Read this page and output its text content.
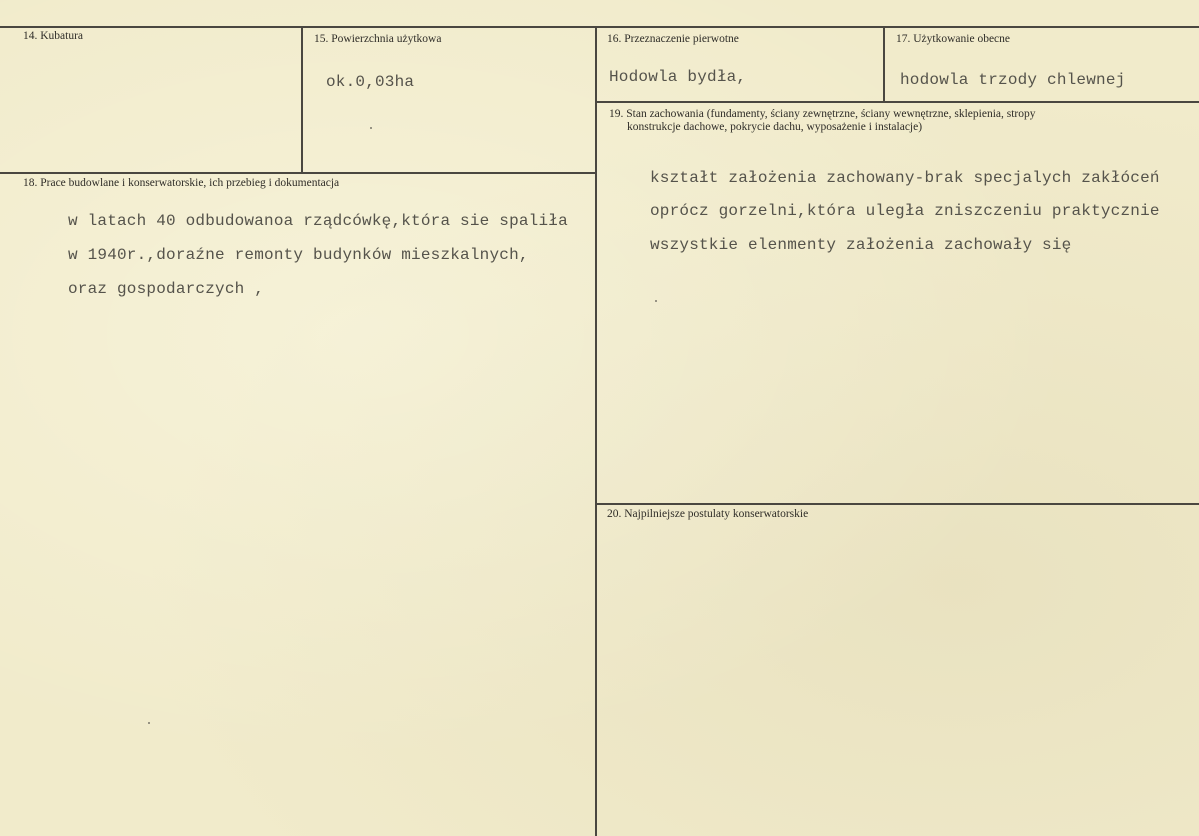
14. Kubatura	15. Powierzchnia użytkowa
ok.0,03ha
16. Przeznaczenie pierwotne
Hodowla bydła,
17. Użytkowanie obecne
hodowla trzody chlewnej
19. Stan zachowania (fundamenty, ściany zewnętrzne, ściany wewnętrzne, sklepienia, stropy
konstrukcje dachowe, pokrycie dachu, wyposażenie i instalacje)
kształt założenia zachowany-brak specjalych zakłóceń
oprócz gorzelni,która uległa zniszczeniu praktycznie
wszystkie elenmenty założenia zachowały się
18. Prace budowlane i konserwatorskie, ich przebieg i dokumentacja
w latach 40 odbudowanoa rządcówkę,która sie spaliła
w 1940r.,doraźne remonty budynków mieszkalnych,
oraz gospodarczych ,
20. Najpilniejsze postulaty konserwatorskie
